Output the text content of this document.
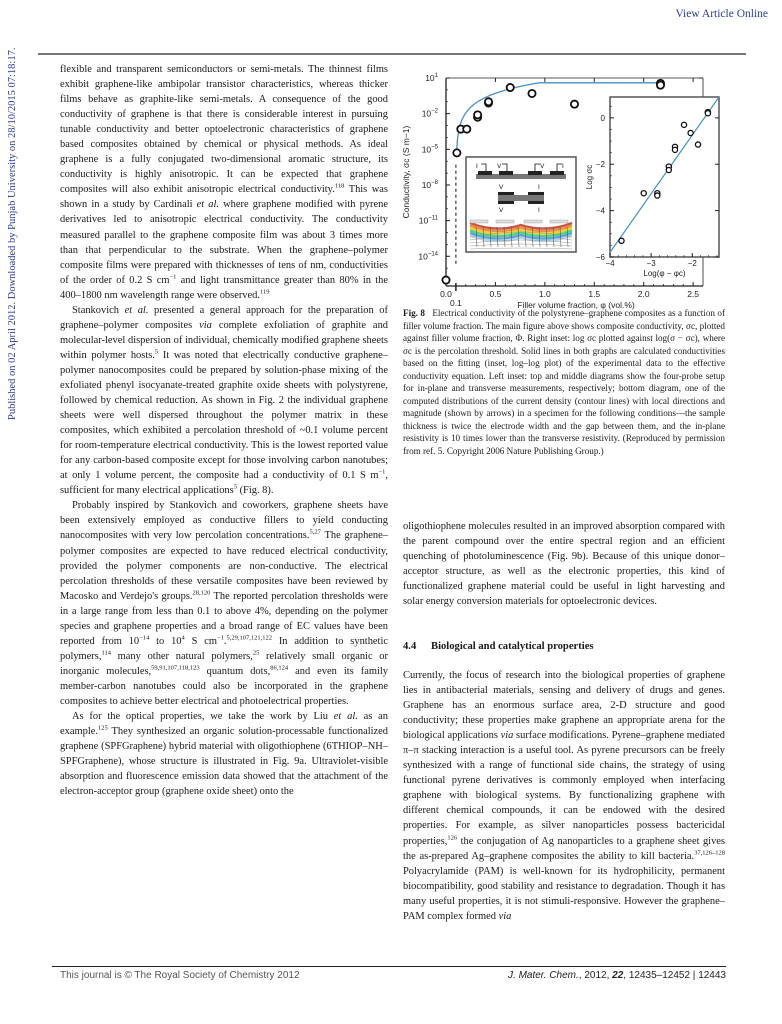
View Article Online
Published on 02 April 2012. Downloaded by Punjab University on 28/10/2015 07:18:17.	flexible and transparent semiconductors or semi-metals. The thinnest films exhibit graphene-like ambipolar transistor characteristics, whereas thicker films behave as graphite-like semi-metals. A consequence of the good conductivity of graphene is that there is considerable interest in pursuing tunable conductivity and better optoelectronic characteristics of graphene based composites obtained by chemical or physical methods. As ideal graphene is a fully conjugated two-dimensional aromatic structure, its conductivity is highly anisotropic. It can be expected that graphene composites will also exhibit anisotropic electrical conductivity.$^{118}$ This was shown in a study by Cardinali et al. where graphene modified with pyrene derivatives led to anisotropic electrical conductivity. The conductivity measured parallel to the graphene composite film was about 3 times more than that perpendicular to the substrate. When the graphene–polymer composite films were prepared with thicknesses of tens of nm, conductivities of the order of 0.2 S $cm^{-1}$ and light transmittance greater than 80% in the 400–1800 nm wavelength range were observed.$^{119}$

Stankovich et al. presented a general approach for the preparation of graphene–polymer composites via complete exfoliation of graphite and molecular-level dispersion of individual, chemically modified graphene sheets within polymer hosts.$^5$ It was noted that electrically conductive graphene–polymer nanocomposites could be prepared by solution-phase mixing of the exfoliated phenyl isocyanate-treated graphite oxide sheets with polystyrene, followed by chemical reduction. As shown in Fig. 2 the individual graphene sheets were well dispersed throughout the polymer matrix in these composites, which exhibited a percolation threshold of ~0.1 volume percent for room-temperature electrical conductivity. This is the lowest reported value for any carbon-based composite except for those involving carbon nanotubes; at only 1 volume percent, the composite had a conductivity of 0.1 S $m^{-1}$, sufficient for many electrical applications$^5$ (Fig. 8).

Probably inspired by Stankovich and coworkers, graphene sheets have been extensively employed as conductive fillers to yield conducting nanocomposites with very low percolation concentrations.$^{5,27}$ The graphene–polymer composites are expected to have reduced electrical conductivity, provided the polymer components are non-conductive. The electrical percolation thresholds of these versatile composites have been reviewed by Macosko and Verdejo's groups.$^{28,120}$ The reported percolation thresholds were in a large range from less than 0.1 to above 4%, depending on the polymer species and graphene properties and a broad range of EC values have been reported from $10^{-14}$ to $10^4$ S $cm^{-1}.^{5,29,107,121,122}$ In addition to synthetic polymers,$^{114}$ many other natural polymers,$^{25}$ relatively small organic or inorganic molecules,$^{59,91,107,118,123}$ quantum dots,$^{86,124}$ and even its family member-carbon nanotubes could also be incorporated in the graphene composites to achieve better electrical and photoelectrical properties.

As for the optical properties, we take the work by Liu et al. as an example.$^{125}$ They synthesized an organic solution-processable functionalized graphene (SPFGraphene) hybrid material with oligothiophene (6THIOP–NH–SPFGraphene), whose structure is illustrated in Fig. 9a. Ultraviolet-visible absorption and fluorescence emission data showed that the attachment of the electron-acceptor group (graphene oxide sheet) onto the

0.0	0.5	1.0	1.5	2.0	2.5
0.1
$10^1$
$10^{-2}$
$10^{-5}$
$10^{-8}$
$10^{-11}$
$10^{-14}$
Filler volume fraction, φ (vol.%)
Conductivity, σc (S m−1)	I	V	V	I
V	I
V	I
−4	−3	−2
0
−2
−4
−6
Log(φ − φc)
Log σc
Fig. 8 Electrical conductivity of the polystyrene–graphene composites as a function of filler volume fraction. The main figure above shows composite conductivity, σc, plotted against filler volume fraction, Φ. Right inset: log σc plotted against log(σ − σc), where σc is the percolation threshold. Solid lines in both graphs are calculated conductivities based on the fitting (inset, log–log plot) of the experimental data to the effective conductivity equation. Left inset: top and middle diagrams show the four-probe setup for in-plane and transverse measurements, respectively; bottom diagram, one of the computed distributions of the current density (contour lines) with local directions and magnitude (shown by arrows) in a specimen for the following conditions—the sample thickness is twice the electrode width and the gap between them, and the in-plane resistivity is 10 times lower than the transverse resistivity. (Reproduced by permission from ref. 5. Copyright 2006 Nature Publishing Group.)

oligothiophene molecules resulted in an improved absorption compared with the parent compound over the entire spectral region and an efficient quenching of photoluminescence (Fig. 9b). Because of this unique donor–acceptor structure, as well as the electronic properties, this kind of functionalized graphene material could be useful in light harvesting and solar energy conversion materials for optoelectronic devices.

4.4 Biological and catalytical properties

Currently, the focus of research into the biological properties of graphene lies in antibacterial materials, sensing and delivery of drugs and genes. Graphene has an enormous surface area, 2-D structure and good conductivity; these properties make graphene an appropriate arena for the biological applications via surface modifications. Pyrene–graphene mediated π–π stacking interaction is a useful tool. As pyrene precursors can be freely synthesized with a range of functional side chains, the strategy of using functional pyrene derivatives is commonly employed when interfacing graphene with biological systems. By functionalizing graphene with different chemical compounds, it can be endowed with the desired properties. For example, as silver nanoparticles possess bactericidal properties,$^{126}$ the conjugation of Ag nanoparticles to a graphene sheet gives the as-prepared Ag–graphene composites the ability to kill bacteria.$^{37,126-128}$ Polyacrylamide (PAM) is well-known for its hydrophilicity, permanent biocompatibility, good stability and resistance to degradation. Though it has many useful properties, it is not stimuli-responsive. However the graphene–PAM complex formed via

This journal is © The Royal Society of Chemistry 2012	J. Mater. Chem., 2012, 22, 12435–12452 | 12443
